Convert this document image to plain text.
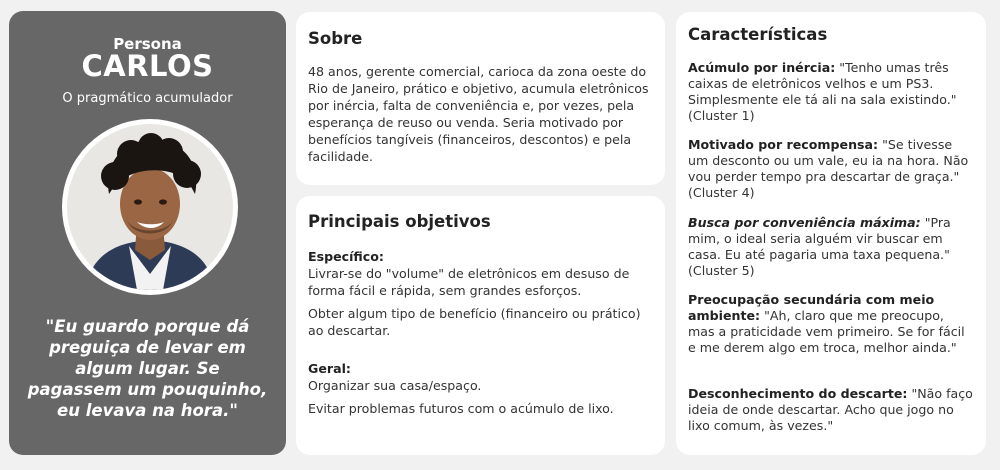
Persona
CARLOS
O pragmático acumulador
"Eu guardo porque dá preguiça de levar em algum lugar. Se pagassem um pouquinho, eu levava na hora."
Sobre

48 anos, gerente comercial, carioca da zona oeste do Rio de Janeiro, prático e objetivo, acumula eletrônicos por inércia, falta de conveniência e, por vezes, pela esperança de reuso ou venda. Seria motivado por benefícios tangíveis (financeiros, descontos) e pela facilidade.

Principais objetivos
Específico:
Livrar-se do "volume" de eletrônicos em desuso de forma fácil e rápida, sem grandes esforços.
Obter algum tipo de benefício (financeiro ou prático) ao descartar.
Geral:
Organizar sua casa/espaço.
Evitar problemas futuros com o acúmulo de lixo.
Características
Acúmulo por inércia: "Tenho umas três caixas de eletrônicos velhos e um PS3. Simplesmente ele tá ali na sala existindo." (Cluster 1)
Motivado por recompensa: "Se tivesse um desconto ou um vale, eu ia na hora. Não vou perder tempo pra descartar de graça." (Cluster 4)
Busca por conveniência máxima: "Pra mim, o ideal seria alguém vir buscar em casa. Eu até pagaria uma taxa pequena." (Cluster 5)
Preocupação secundária com meio ambiente: "Ah, claro que me preocupo, mas a praticidade vem primeiro. Se for fácil e me derem algo em troca, melhor ainda."
Desconhecimento do descarte: "Não faço ideia de onde descartar. Acho que jogo no lixo comum, às vezes."
